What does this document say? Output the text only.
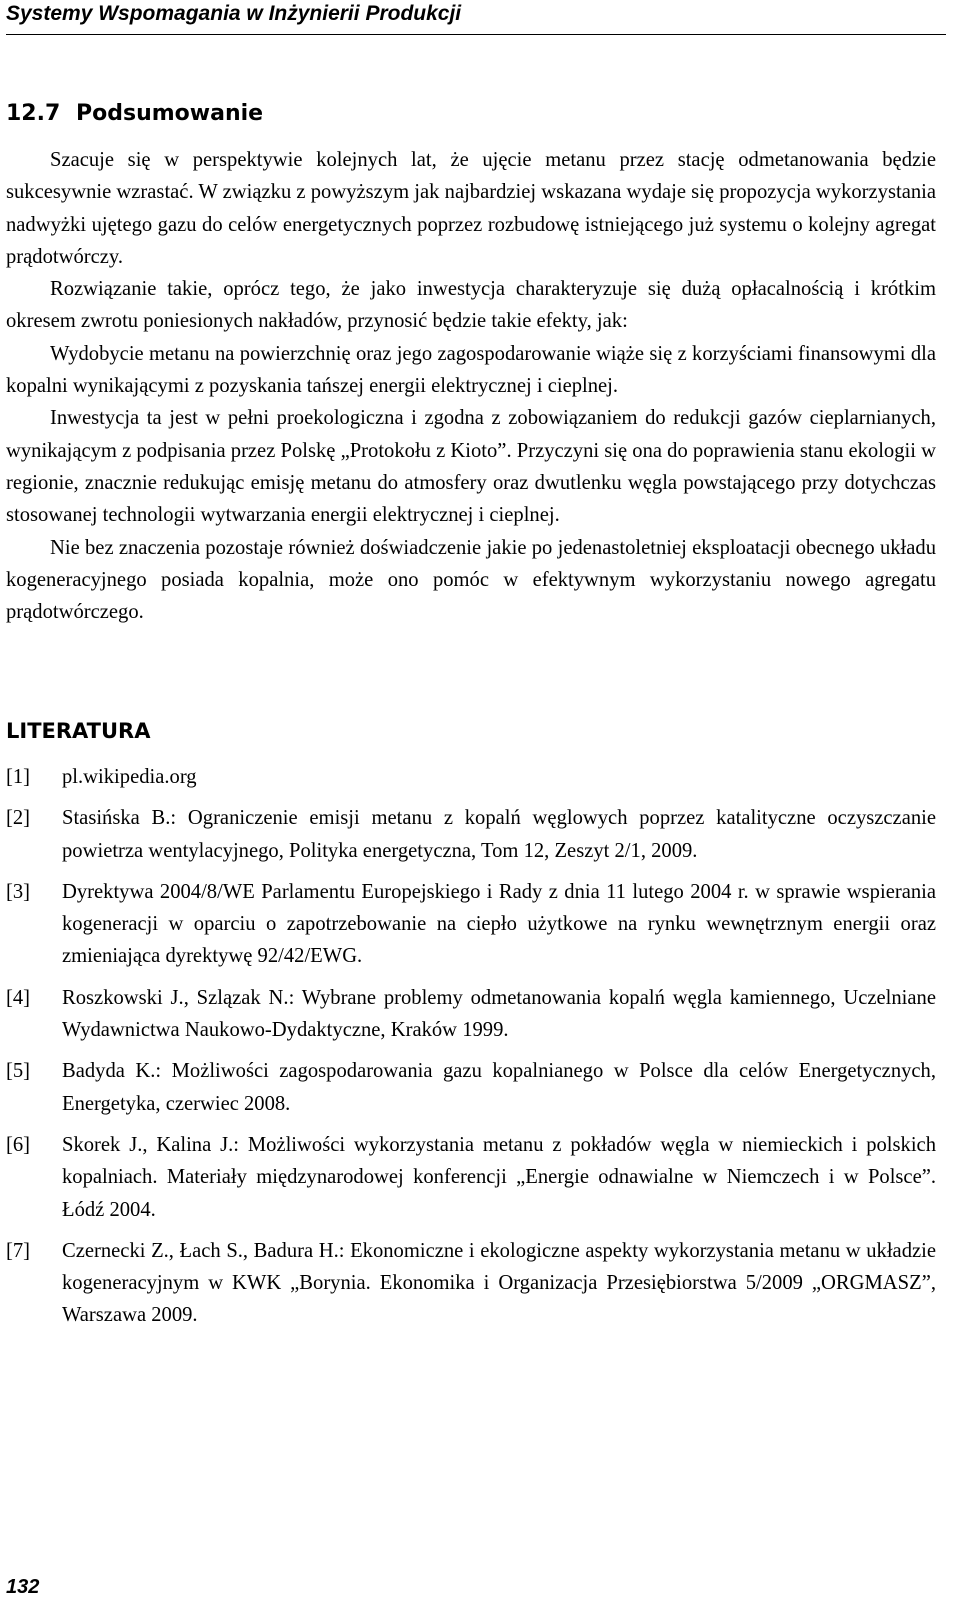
Systemy Wspomagania w Inżynierii Produkcji
12.7 Podsumowanie

Szacuje się w perspektywie kolejnych lat, że ujęcie metanu przez stację odmetanowania będzie sukcesywnie wzrastać. W związku z powyższym jak najbardziej wskazana wydaje się propozycja wykorzystania nadwyżki ujętego gazu do celów energetycznych poprzez rozbudowę istniejącego już systemu o kolejny agregat prądotwórczy.

Rozwiązanie takie, oprócz tego, że jako inwestycja charakteryzuje się dużą opłacalnością i krótkim okresem zwrotu poniesionych nakładów, przynosić będzie takie efekty, jak:

Wydobycie metanu na powierzchnię oraz jego zagospodarowanie wiąże się z korzyściami finansowymi dla kopalni wynikającymi z pozyskania tańszej energii elektrycznej i cieplnej.

Inwestycja ta jest w pełni proekologiczna i zgodna z zobowiązaniem do redukcji gazów cieplarnianych, wynikającym z podpisania przez Polskę „Protokołu z Kioto”. Przyczyni się ona do poprawienia stanu ekologii w regionie, znacznie redukując emisję metanu do atmosfery oraz dwutlenku węgla powstającego przy dotychczas stosowanej technologii wytwarzania energii elektrycznej i cieplnej.

Nie bez znaczenia pozostaje również doświadczenie jakie po jedenastoletniej eksploatacji obecnego układu kogeneracyjnego posiada kopalnia, może ono pomóc w efektywnym wykorzystaniu nowego agregatu prądotwórczego.

LITERATURA
[1] pl.wikipedia.org
[2] Stasińska B.: Ograniczenie emisji metanu z kopalń węglowych poprzez katalityczne oczyszczanie powietrza wentylacyjnego, Polityka energetyczna, Tom 12, Zeszyt 2/1, 2009.
[3] Dyrektywa 2004/8/WE Parlamentu Europejskiego i Rady z dnia 11 lutego 2004 r. w sprawie wspierania kogeneracji w oparciu o zapotrzebowanie na ciepło użytkowe na rynku wewnętrznym energii oraz zmieniająca dyrektywę 92/42/EWG.
[4] Roszkowski J., Szlązak N.: Wybrane problemy odmetanowania kopalń węgla kamiennego, Uczelniane Wydawnictwa Naukowo-Dydaktyczne, Kraków 1999.
[5] Badyda K.: Możliwości zagospodarowania gazu kopalnianego w Polsce dla celów Energetycznych, Energetyka, czerwiec 2008.
[6] Skorek J., Kalina J.: Możliwości wykorzystania metanu z pokładów węgla w niemieckich i polskich kopalniach. Materiały międzynarodowej konferencji „Energie odnawialne w Niemczech i w Polsce”. Łódź 2004.
[7] Czernecki Z., Łach S., Badura H.: Ekonomiczne i ekologiczne aspekty wykorzystania metanu w układzie kogeneracyjnym w KWK „Borynia. Ekonomika i Organizacja Przesiębiorstwa 5/2009 „ORGMASZ”, Warszawa 2009.
132
